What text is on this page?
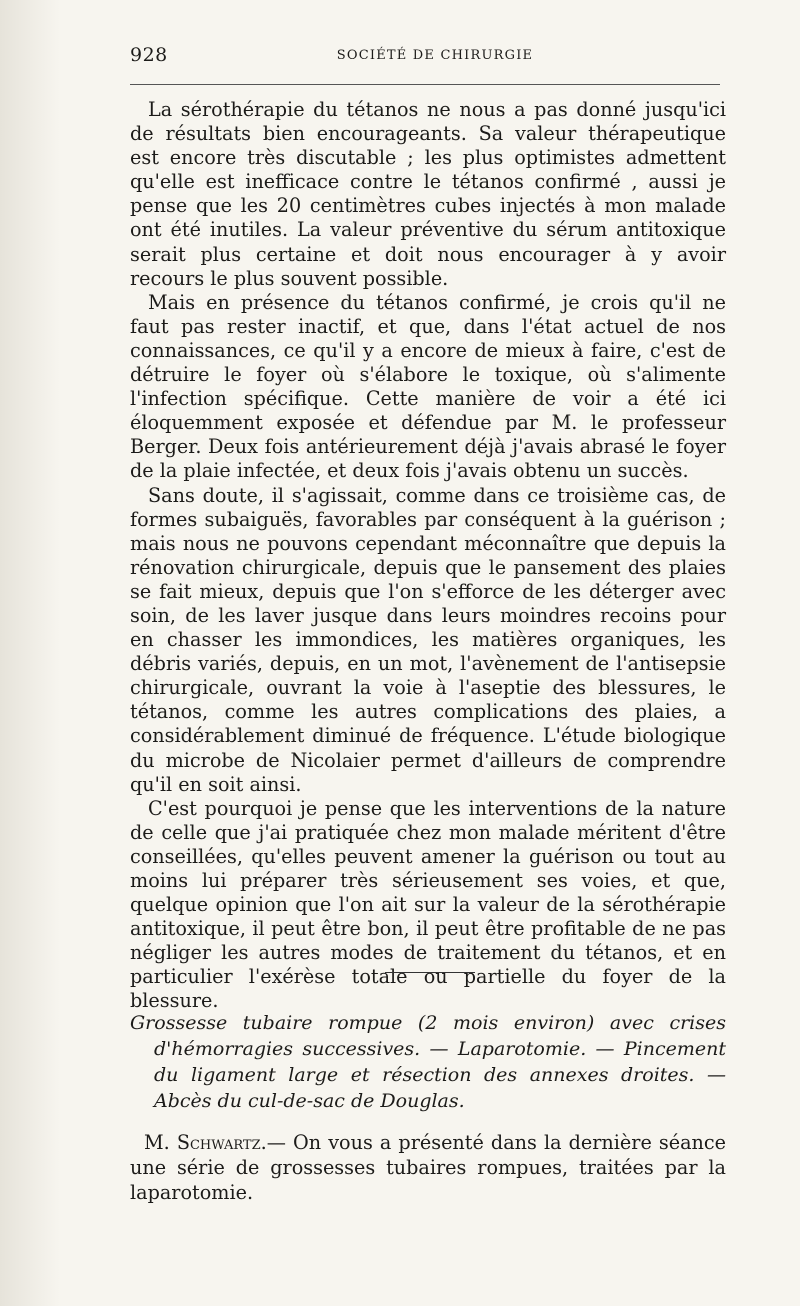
928	SOCIÉTÉ DE CHIRURGIE

La sérothérapie du tétanos ne nous a pas donné jusqu'ici de résultats bien encourageants. Sa valeur thérapeutique est encore très discutable ; les plus optimistes admettent qu'elle est inefficace contre le tétanos confirmé , aussi je pense que les 20 centimètres cubes injectés à mon malade ont été inutiles. La valeur préventive du sérum antitoxique serait plus certaine et doit nous encourager à y avoir recours le plus souvent possible.

Mais en présence du tétanos confirmé, je crois qu'il ne faut pas rester inactif, et que, dans l'état actuel de nos connaissances, ce qu'il y a encore de mieux à faire, c'est de détruire le foyer où s'élabore le toxique, où s'alimente l'infection spécifique. Cette manière de voir a été ici éloquemment exposée et défendue par M. le professeur Berger. Deux fois antérieurement déjà j'avais abrasé le foyer de la plaie infectée, et deux fois j'avais obtenu un succès.

Sans doute, il s'agissait, comme dans ce troisième cas, de formes subaiguës, favorables par conséquent à la guérison ; mais nous ne pouvons cependant méconnaître que depuis la rénovation chirurgicale, depuis que le pansement des plaies se fait mieux, depuis que l'on s'efforce de les déterger avec soin, de les laver jusque dans leurs moindres recoins pour en chasser les immondices, les matières organiques, les débris variés, depuis, en un mot, l'avènement de l'antisepsie chirurgicale, ouvrant la voie à l'aseptie des blessures, le tétanos, comme les autres complications des plaies, a considérablement diminué de fréquence. L'étude biologique du microbe de Nicolaier permet d'ailleurs de comprendre qu'il en soit ainsi.

C'est pourquoi je pense que les interventions de la nature de celle que j'ai pratiquée chez mon malade méritent d'être conseillées, qu'elles peuvent amener la guérison ou tout au moins lui préparer très sérieusement ses voies, et que, quelque opinion que l'on ait sur la valeur de la sérothérapie antitoxique, il peut être bon, il peut être profitable de ne pas négliger les autres modes de traitement du tétanos, et en particulier l'exérèse totale ou partielle du foyer de la blessure.

Grossesse tubaire rompue (2 mois environ) avec crises d'hémorragies successives. — Laparotomie. — Pincement du ligament large et résection des annexes droites. — Abcès du cul-de-sac de Douglas.

M. Schwartz.— On vous a présenté dans la dernière séance une série de grossesses tubaires rompues, traitées par la laparotomie.
